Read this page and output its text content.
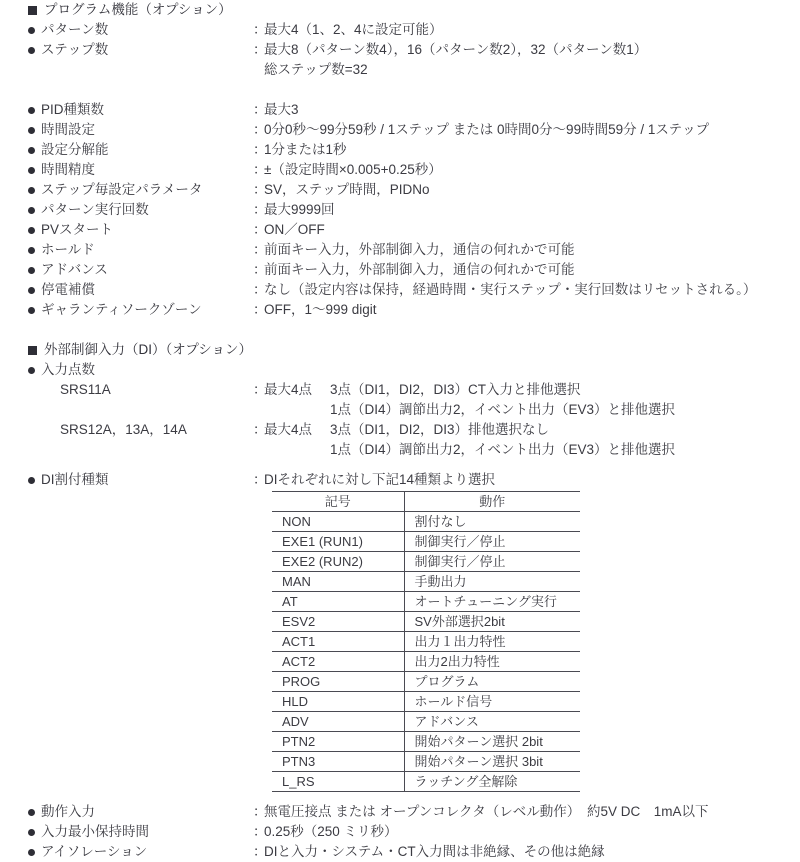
プログラム機能（オプション）
パターン数	：
最大4（1、2、4に設定可能）
ステップ数	：
最大8（パターン数4），16（パターン数2），32（パターン数1）
総ステップ数=32
PID種類数	：
最大3
時間設定	：
0分0秒～99分59秒 / 1ステップ または 0時間0分～99時間59分 / 1ステップ
設定分解能	：
1分または1秒
時間精度	：
±（設定時間×0.005+0.25秒）
ステップ毎設定パラメータ	：
SV，ステップ時間，PIDNo
パターン実行回数	：
最大9999回
PVスタート	：
ON／OFF
ホールド	：
前面キー入力，外部制御入力，通信の何れかで可能
アドバンス	：
前面キー入力，外部制御入力，通信の何れかで可能
停電補償	：
なし（設定内容は保持，経過時間・実行ステップ・実行回数はリセットされる。）
ギャランティソークゾーン	：
OFF，1～999 digit
外部制御入力（DI）（オプション）
入力点数
SRS11A	：
最大4点 3点（DI1，DI2，DI3）CT入力と排他選択
1点（DI4）調節出力2，イベント出力（EV3）と排他選択
SRS12A，13A，14A	：
最大4点 3点（DI1，DI2，DI3）排他選択なし
1点（DI4）調節出力2，イベント出力（EV3）と排他選択
DI割付種類	：
DIそれぞれに対し下記14種類より選択
記号	動作
NON	割付なし
EXE1 (RUN1)	制御実行／停止
EXE2 (RUN2)	制御実行／停止
MAN	手動出力
AT	オートチューニング実行
ESV2	SV外部選択2bit
ACT1	出力１出力特性
ACT2	出力2出力特性
PROG	プログラム
HLD	ホールド信号
ADV	アドバンス
PTN2	開始パターン選択 2bit
PTN3	開始パターン選択 3bit
L_RS	ラッチング全解除
動作入力	：
無電圧接点 または オープンコレクタ（レベル動作）　約5V DC　1mA以下
入力最小保持時間	：
0.25秒（250 ミリ秒）
アイソレーション	：
DIと入力・システム・CT入力間は非絶縁、その他は絶縁
